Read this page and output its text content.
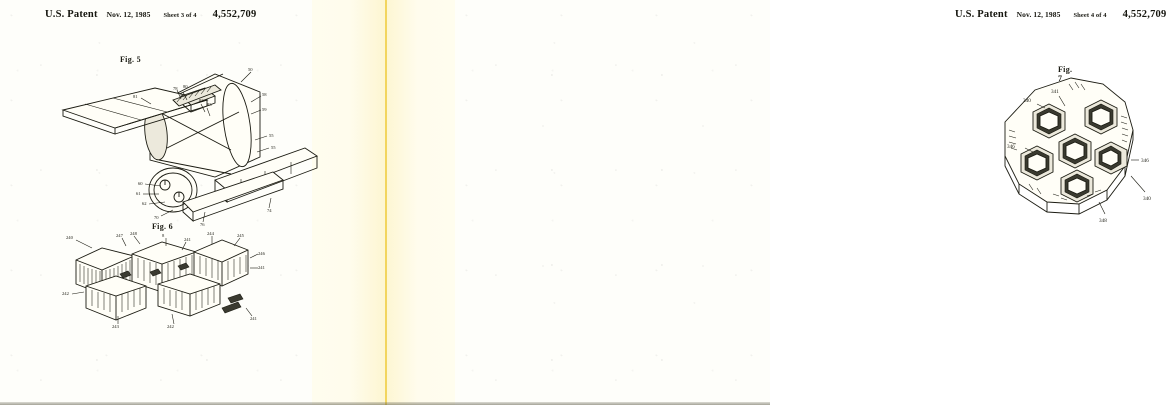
U.S. Patent Nov. 12, 1985 Sheet 3 of 4 4,552,709
Fig. 5
50
78 80
81
82
83
58
59
55
55
60
61
62
70
76
74
Fig. 6
240	247 248	8
241
244	245
246
241
242
243	242
241
U.S. Patent Nov. 12, 1985 Sheet 4 of 4 4,552,709
Fig. 7
341
340
346
346
348
340
